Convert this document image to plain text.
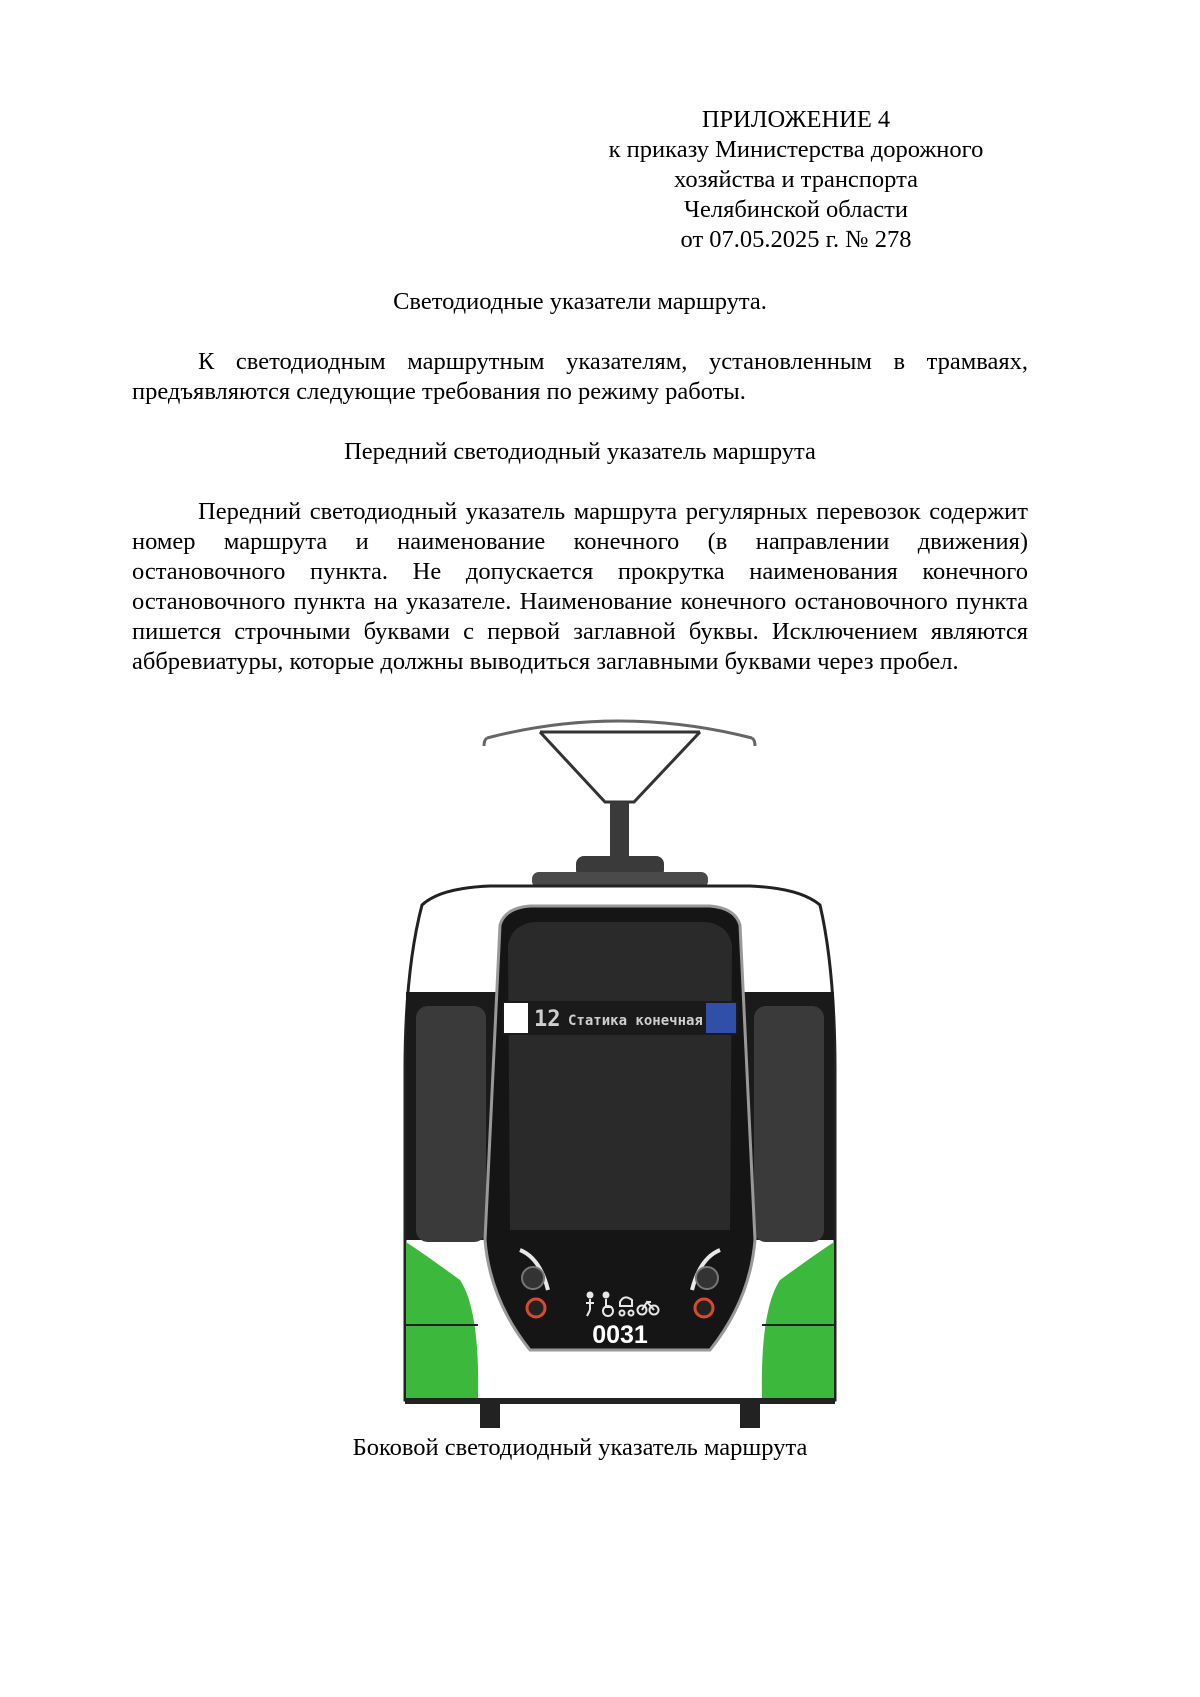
ПРИЛОЖЕНИЕ 4
к приказу Министерства дорожного
хозяйства и транспорта
Челябинской области
от 07.05.2025 г. № 278
Светодиодные указатели маршрута.
К светодиодным маршрутным указателям, установленным в трамваях, предъявляются следующие требования по режиму работы.
Передний светодиодный указатель маршрута
Передний светодиодный указатель маршрута регулярных перевозок содержит номер маршрута и наименование конечного (в направлении движения) остановочного пункта. Не допускается прокрутка наименования конечного остановочного пункта на указателе. Наименование конечного остановочного пункта пишется строчными буквами с первой заглавной буквы. Исключением являются аббревиатуры, которые должны выводиться заглавными буквами через пробел.
12 Статика конечная
0031
Боковой светодиодный указатель маршрута
